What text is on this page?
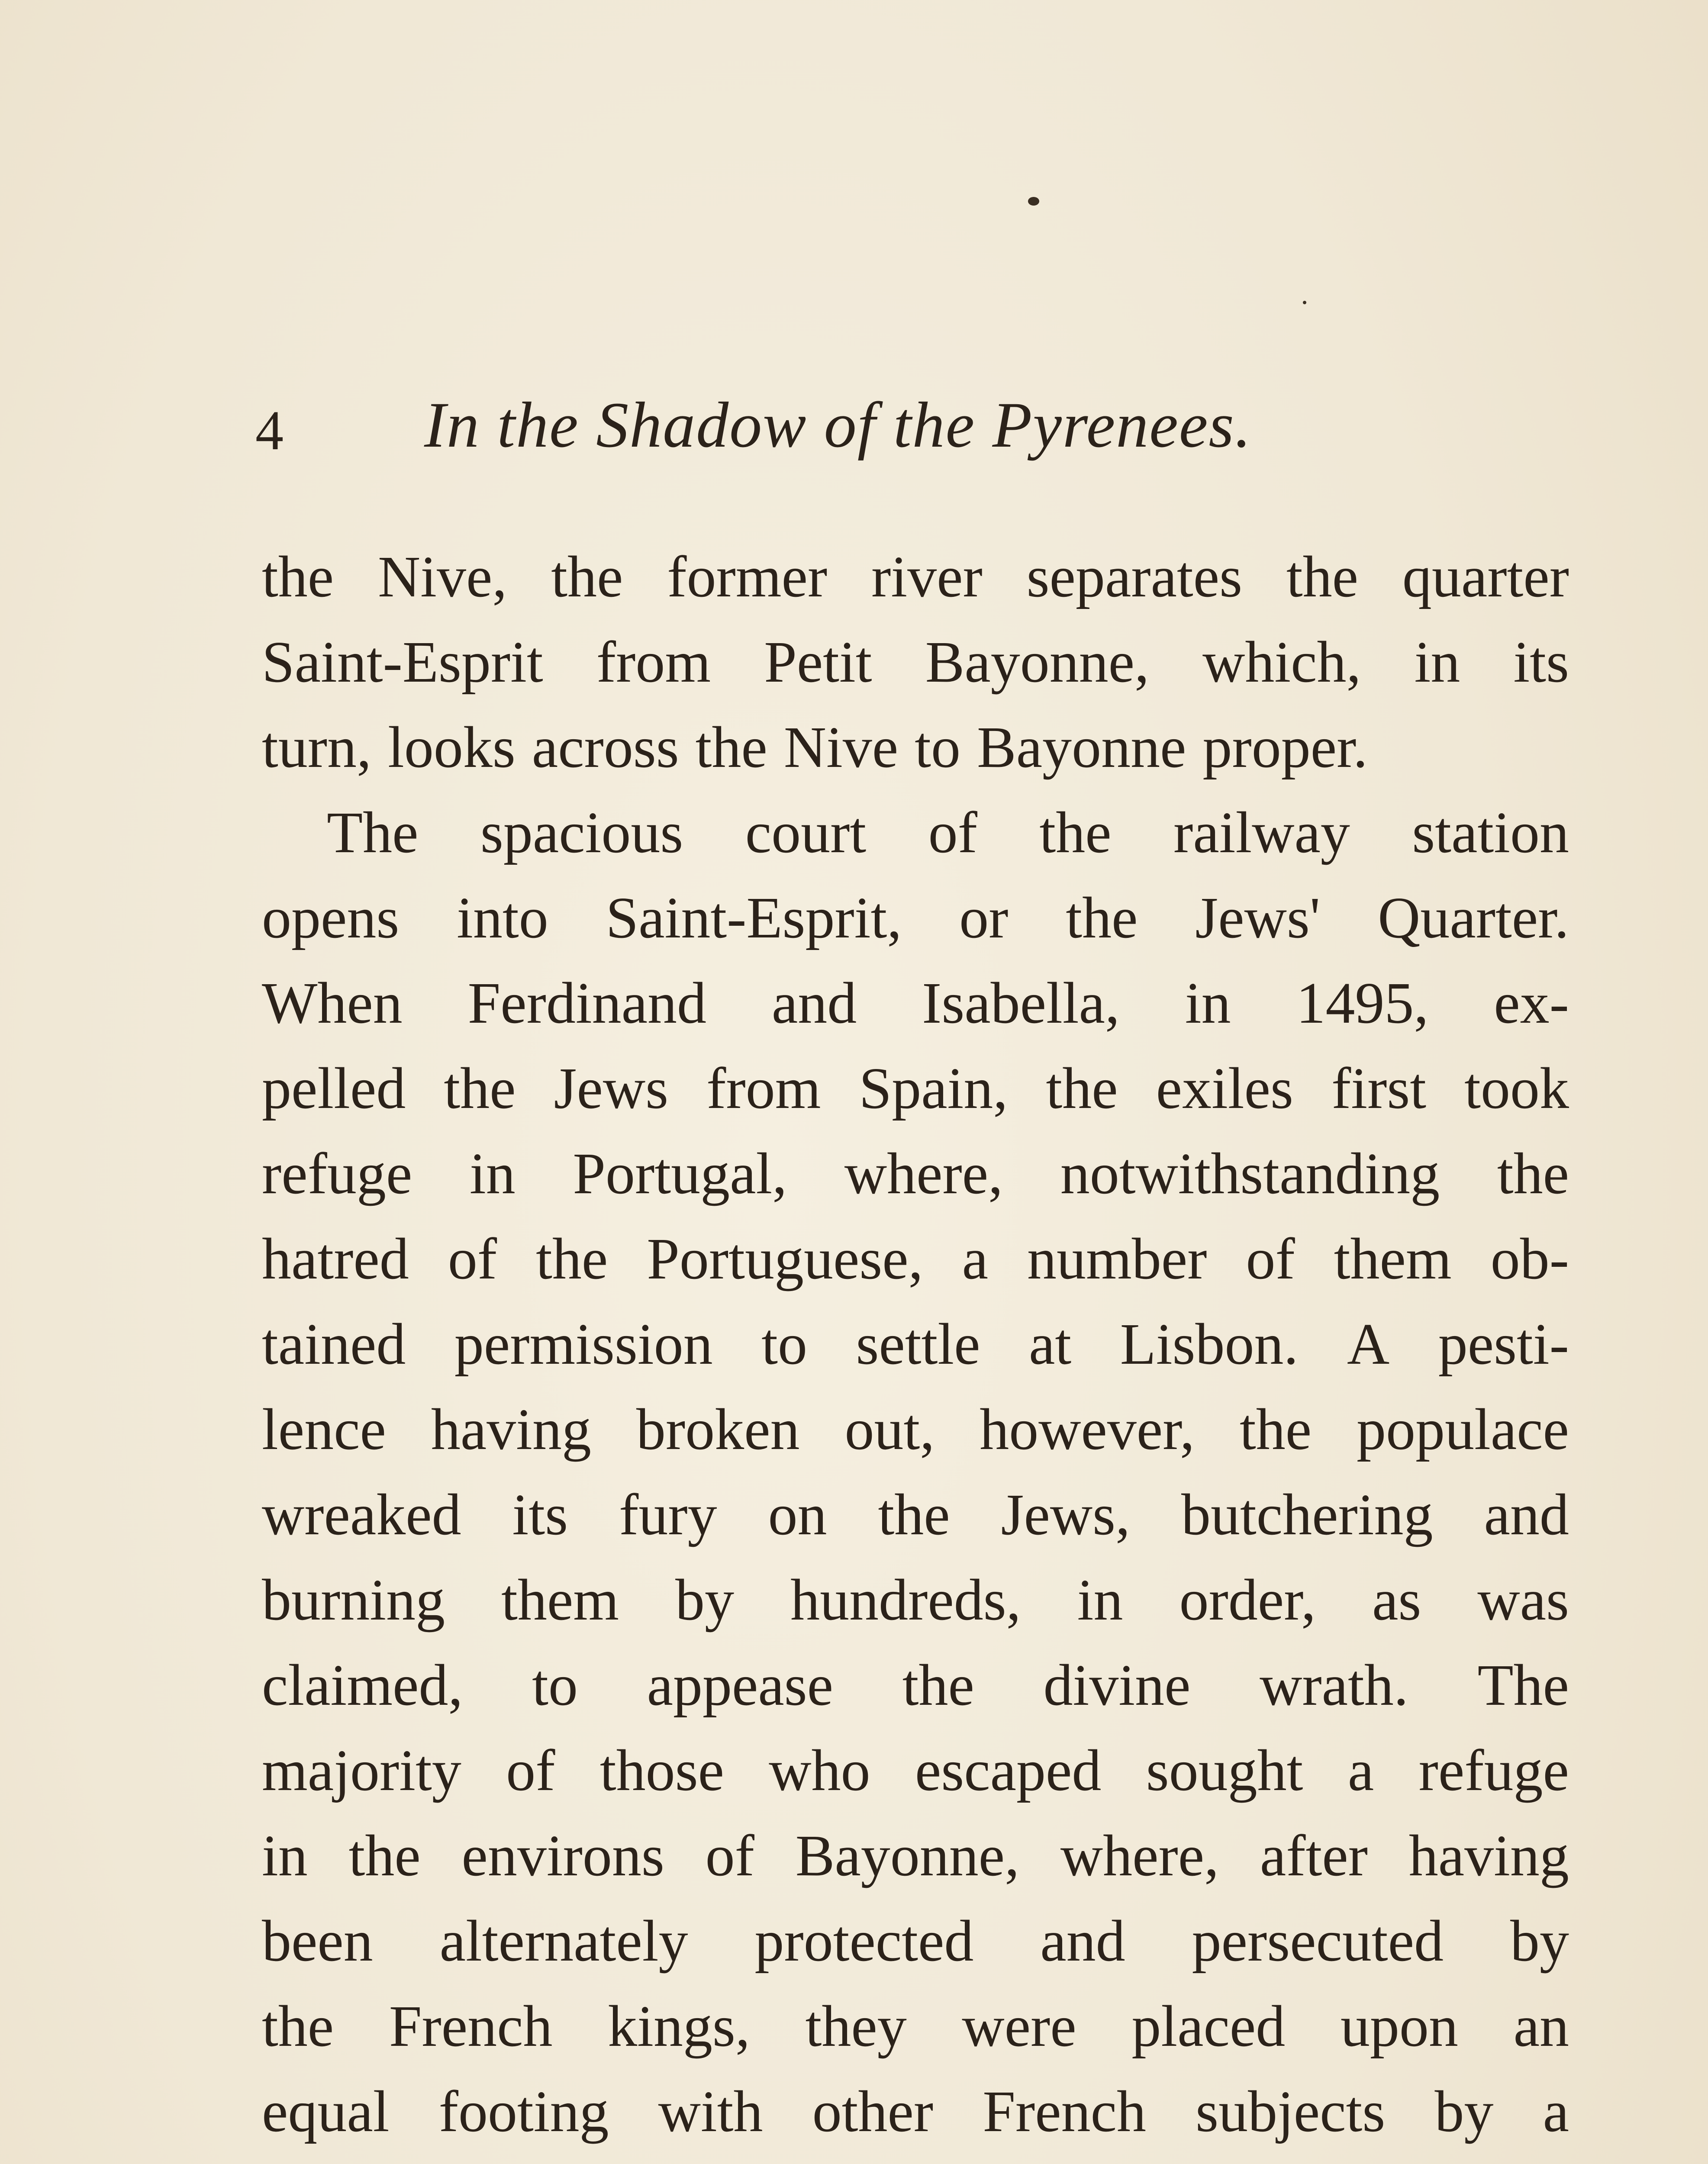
4 In the Shadow of the Pyrenees.
the Nive, the former river separates the quarter
Saint-Esprit from Petit Bayonne, which, in its
turn, looks across the Nive to Bayonne proper.
The spacious court of the railway station
opens into Saint-Esprit, or the Jews' Quarter.
When Ferdinand and Isabella, in 1495, ex-
pelled the Jews from Spain, the exiles first took
refuge in Portugal, where, notwithstanding the
hatred of the Portuguese, a number of them ob-
tained permission to settle at Lisbon. A pesti-
lence having broken out, however, the populace
wreaked its fury on the Jews, butchering and
burning them by hundreds, in order, as was
claimed, to appease the divine wrath. The
majority of those who escaped sought a refuge
in the environs of Bayonne, where, after having
been alternately protected and persecuted by
the French kings, they were placed upon an
equal footing with other French subjects by a
